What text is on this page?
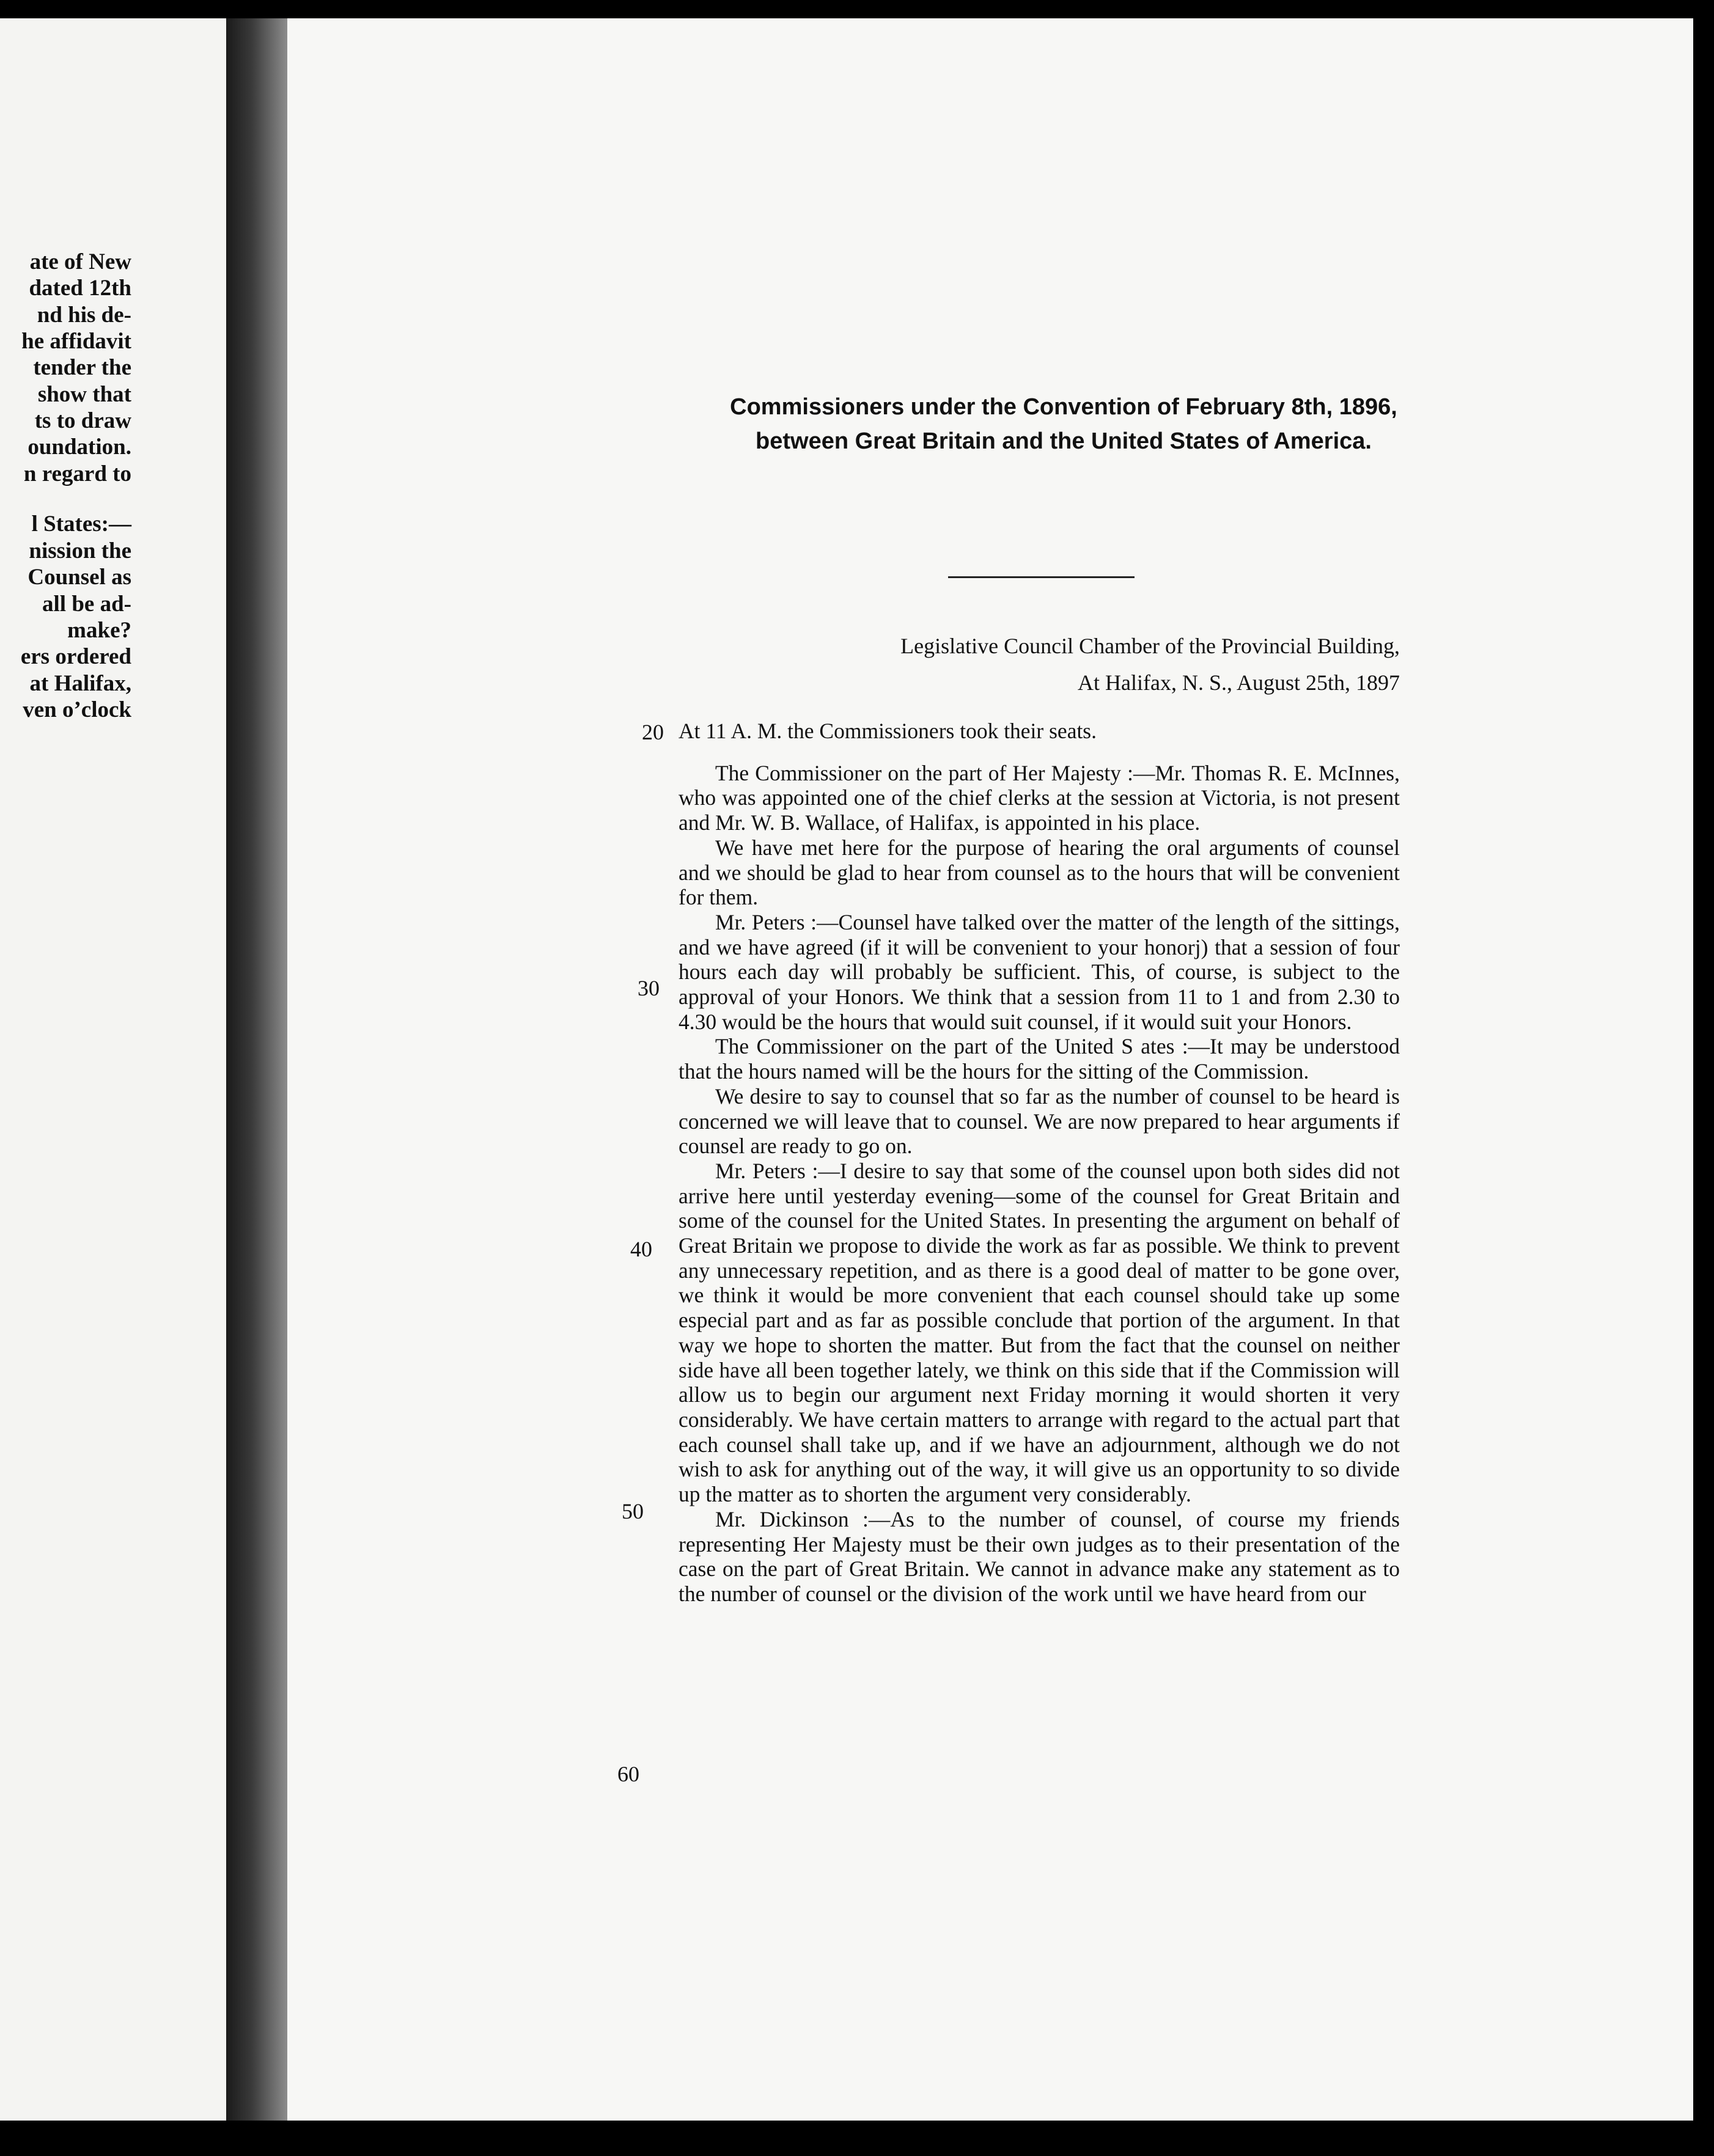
ate of New
dated 12th
nd his de-
he affidavit
tender the
show that
ts to draw
oundation.
n regard to
l States:—
nission the
Counsel as
all be ad-
make?
ers ordered
at Halifax,
ven o’clock
Commissioners under the Convention of February 8th, 1896, between Great Britain and the United States of America.
Legislative Council Chamber of the Provincial Building,
At Halifax, N. S., August 25th, 1897
20
30
40
50
60

At 11 A. M. the Commissioners took their seats.

The Commissioner on the part of Her Majesty :—Mr. Thomas R. E. McInnes, who was appointed one of the chief clerks at the session at Victoria, is not present and Mr. W. B. Wallace, of Halifax, is appointed in his place.

We have met here for the purpose of hearing the oral arguments of counsel and we should be glad to hear from counsel as to the hours that will be convenient for them.

Mr. Peters :—Counsel have talked over the matter of the length of the sittings, and we have agreed (if it will be convenient to your honorј) that a session of four hours each day will probably be sufficient. This, of course, is subject to the approval of your Honors. We think that a session from 11 to 1 and from 2.30 to 4.30 would be the hours that would suit counsel, if it would suit your Honors.

The Commissioner on the part of the United S ates :—It may be understood that the hours named will be the hours for the sitting of the Commission.

We desire to say to counsel that so far as the number of counsel to be heard is concerned we will leave that to counsel. We are now prepared to hear arguments if counsel are ready to go on.

Mr. Peters :—I desire to say that some of the counsel upon both sides did not arrive here until yesterday evening—some of the counsel for Great Britain and some of the counsel for the United States. In presenting the argument on behalf of Great Britain we propose to divide the work as far as possible. We think to prevent any unnecessary repetition, and as there is a good deal of matter to be gone over, we think it would be more convenient that each counsel should take up some especial part and as far as possible conclude that portion of the argument. In that way we hope to shorten the matter. But from the fact that the counsel on neither side have all been together lately, we think on this side that if the Commission will allow us to begin our argument next Friday morning it would shorten it very considerably. We have certain matters to arrange with regard to the actual part that each counsel shall take up, and if we have an adjournment, although we do not wish to ask for anything out of the way, it will give us an opportunity to so divide up the matter as to shorten the argument very considerably.

Mr. Dickinson :—As to the number of counsel, of course my friends representing Her Majesty must be their own judges as to their presentation of the case on the part of Great Britain. We cannot in advance make any statement as to the number of counsel or the division of the work until we have heard from our
